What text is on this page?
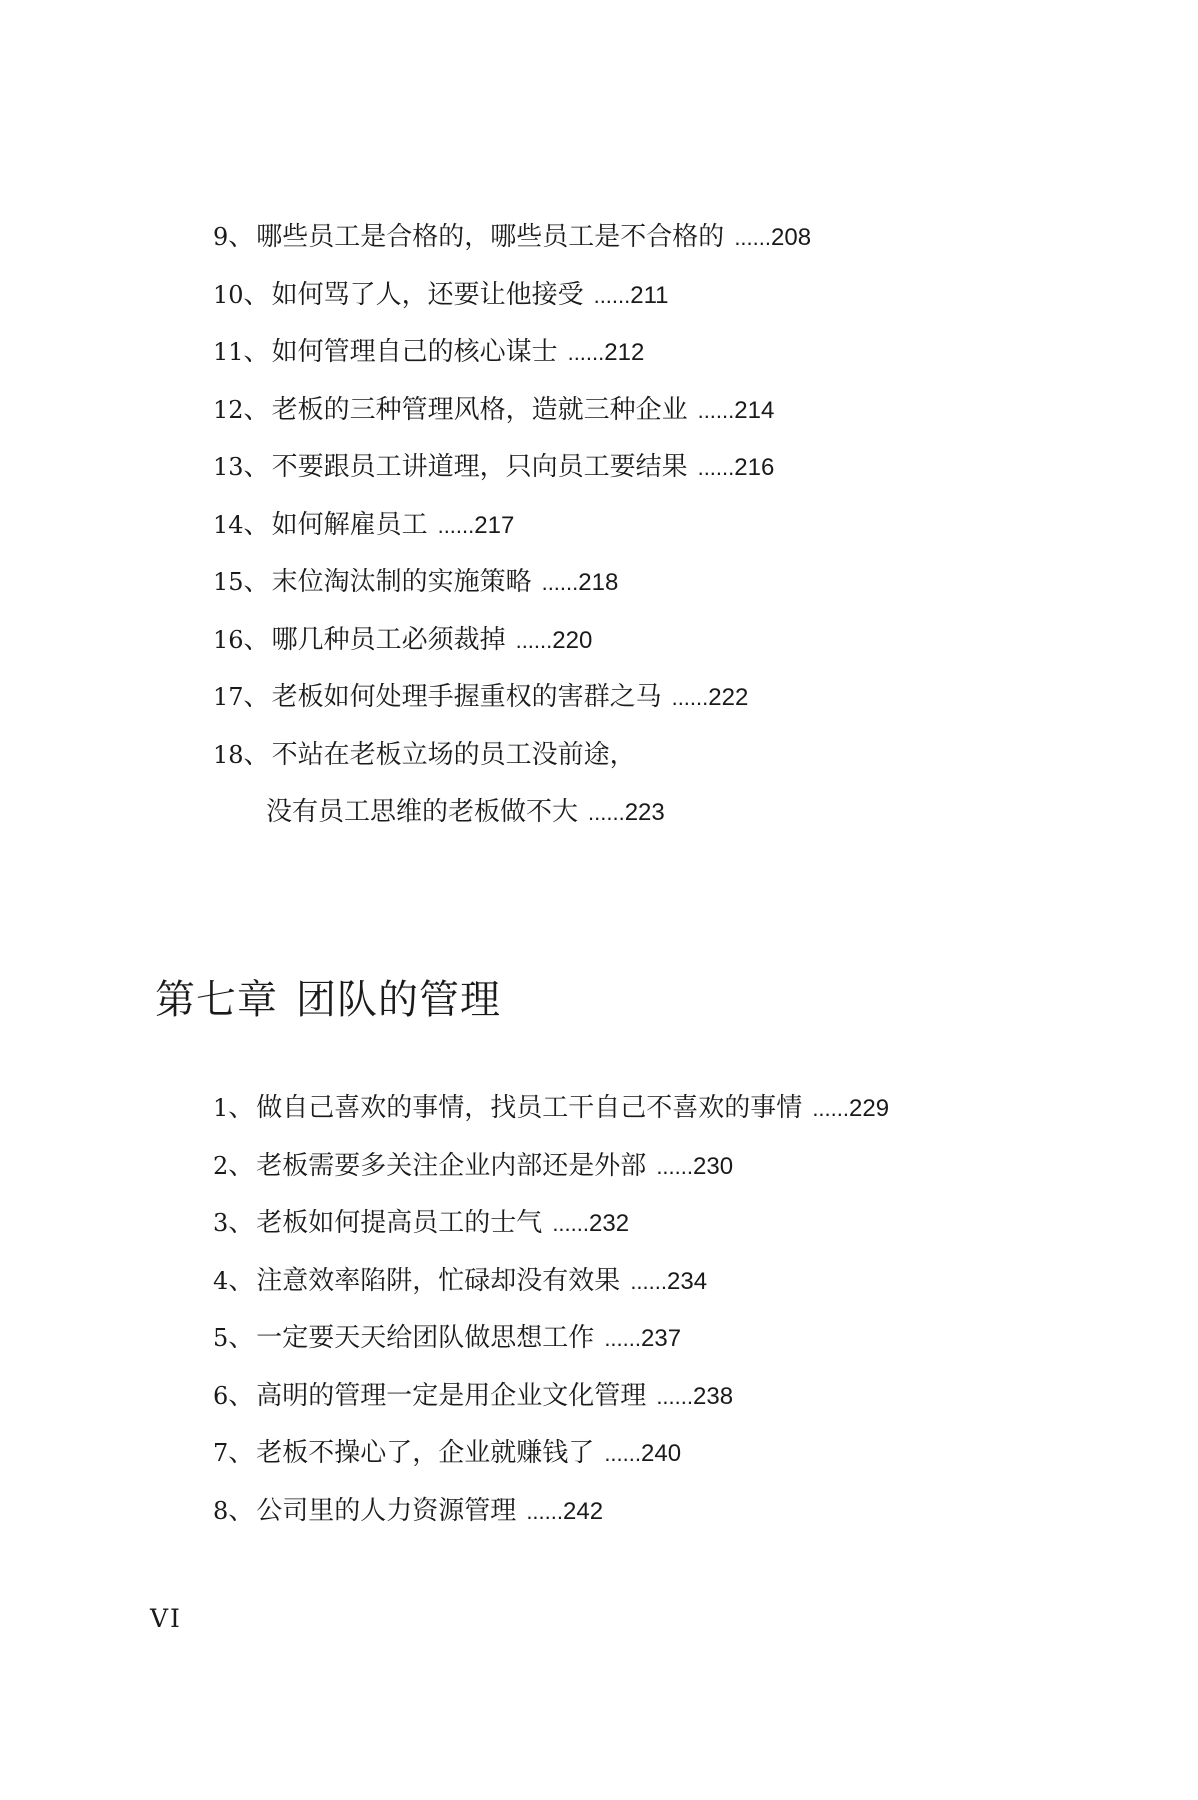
9 、 哪些员工是合格的，哪些员工是不合格的 ...... 208
10 、 如何骂了人，还要让他接受 ...... 211
11 、 如何管理自己的核心谋士 ...... 212
12 、 老板的三种管理风格，造就三种企业 ...... 214
13 、 不要跟员工讲道理，只向员工要结果 ...... 216
14 、 如何解雇员工 ...... 217
15 、 末位淘汰制的实施策略 ...... 218
16 、 哪几种员工必须裁掉 ...... 220
17 、 老板如何处理手握重权的害群之马 ...... 222
18 、 不站在老板立场的员工没前途，
没有员工思维的老板做不大 ......223
第七章 团队的管理
1 、 做自己喜欢的事情，找员工干自己不喜欢的事情 ...... 229
2 、 老板需要多关注企业内部还是外部 ...... 230
3 、 老板如何提高员工的士气 ...... 232
4 、 注意效率陷阱，忙碌却没有效果 ...... 234
5 、 一定要天天给团队做思想工作 ...... 237
6 、 高明的管理一定是用企业文化管理 ...... 238
7 、 老板不操心了，企业就赚钱了 ...... 240
8 、 公司里的人力资源管理 ...... 242
VI
